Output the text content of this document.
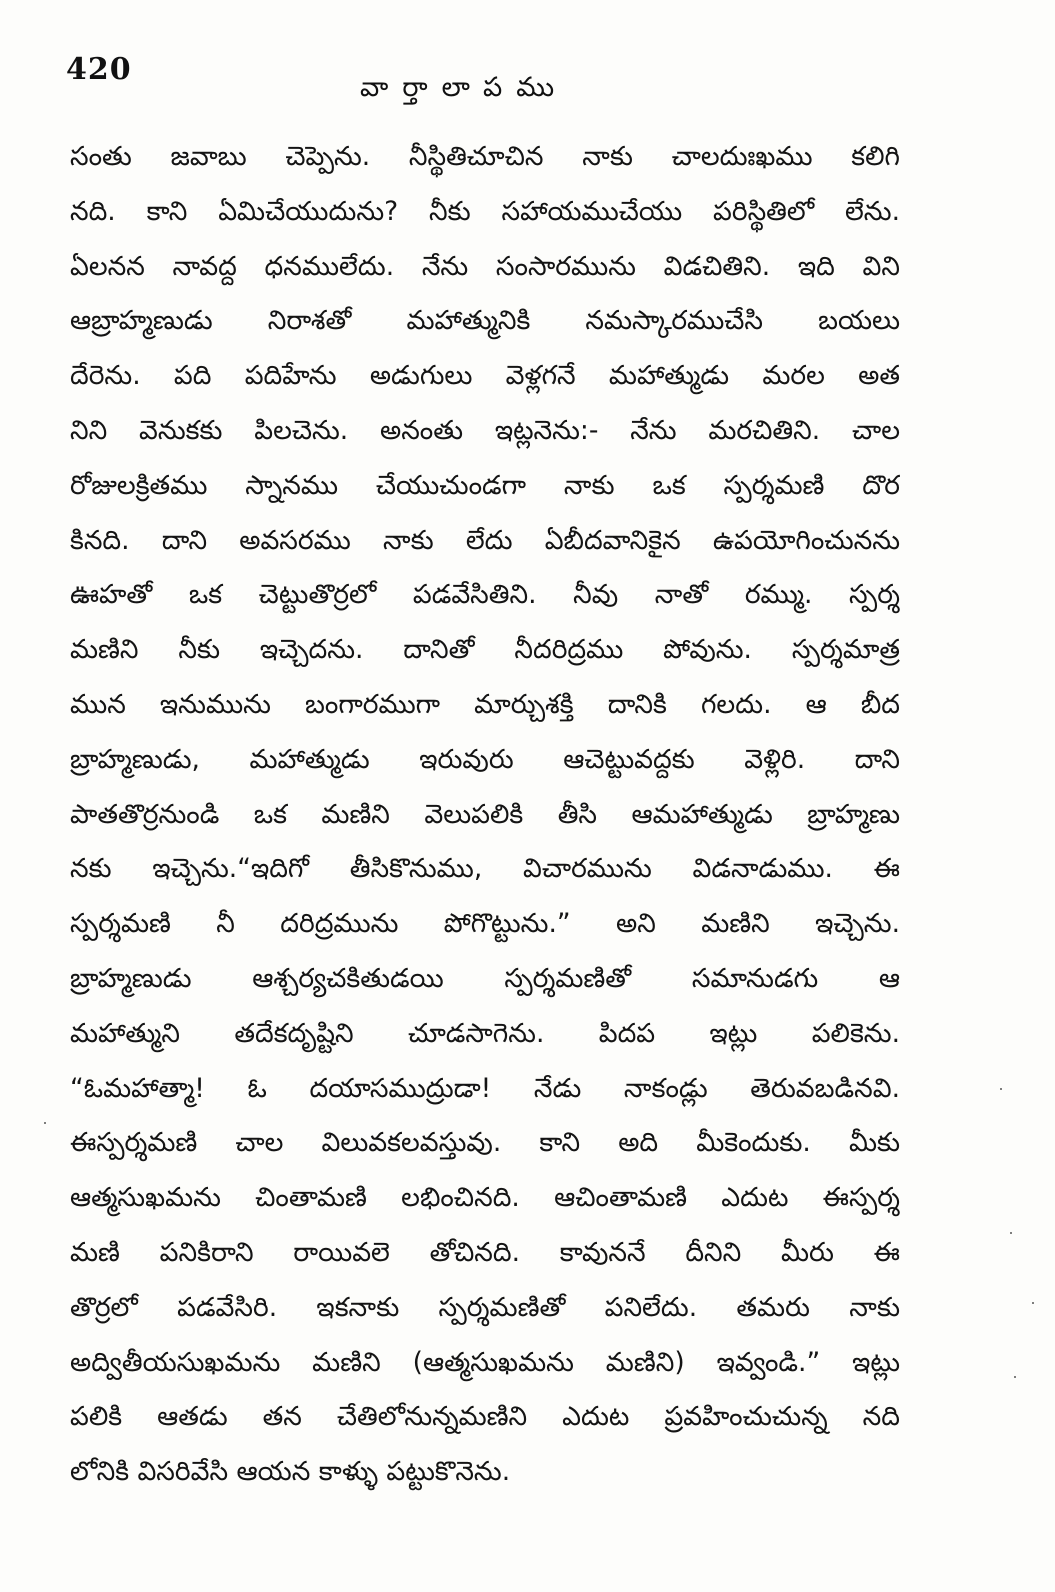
420
వార్తాలాపము
సంతు జవాబు చెప్పెను. నీస్థితిచూచిన నాకు చాలదుఃఖము కలిగి
నది. కాని ఏమిచేయుదును? నీకు సహాయముచేయు పరిస్థితిలో లేను.
ఏలనన నావద్ద ధనములేదు. నేను సంసారమును విడచితిని. ఇది విని
ఆబ్రాహ్మణుడు నిరాశతో మహాత్మునికి నమస్కారముచేసి బయలు
దేరెను. పది పదిహేను అడుగులు వెళ్లగనే మహాత్ముడు మరల అత
నిని వెనుకకు పిలచెను. అనంతు ఇట్లనెను:- నేను మరచితిని. చాల
రోజులక్రితము స్నానము చేయుచుండగా నాకు ఒక స్పర్శమణి దొర
కినది. దాని అవసరము నాకు లేదు ఏబీదవానికైన ఉపయోగించునను
ఊహతో ఒక చెట్టుతొర్రలో పడవేసితిని. నీవు నాతో రమ్ము. స్పర్శ
మణిని నీకు ఇచ్చెదను. దానితో నీదరిద్రము పోవును. స్పర్శమాత్ర
మున ఇనుమును బంగారముగా మార్చుశక్తి దానికి గలదు. ఆ బీద
బ్రాహ్మణుడు, మహాత్ముడు ఇరువురు ఆచెట్టువద్దకు వెళ్లిరి. దాని
పాతతొర్రనుండి ఒక మణిని వెలుపలికి తీసి ఆమహాత్ముడు బ్రాహ్మణు
నకు ఇచ్చెను.“ఇదిగో తీసికొనుము, విచారమును విడనాడుము. ఈ
స్పర్శమణి నీ దరిద్రమును పోగొట్టును.” అని మణిని ఇచ్చెను.
బ్రాహ్మణుడు ఆశ్చర్యచకితుడయి స్పర్శమణితో సమానుడగు ఆ
మహాత్ముని తదేకదృష్టిని చూడసాగెను. పిదప ఇట్లు పలికెను.
“ఓమహాత్మా! ఓ దయాసముద్రుడా! నేడు నాకండ్లు తెరువబడినవి.
ఈస్పర్శమణి చాల విలువకలవస్తువు. కాని అది మీకెందుకు. మీకు
ఆత్మసుఖమను చింతామణి లభించినది. ఆచింతామణి ఎదుట ఈస్పర్శ
మణి పనికిరాని రాయివలె తోచినది. కావుననే దీనిని మీరు ఈ
తొర్రలో పడవేసిరి. ఇకనాకు స్పర్శమణితో పనిలేదు. తమరు నాకు
అద్వితీయసుఖమను మణిని (ఆత్మసుఖమను మణిని) ఇవ్వండి.” ఇట్లు
పలికి ఆతడు తన చేతిలోనున్నమణిని ఎదుట ప్రవహించుచున్న నది
లోనికి విసరివేసి ఆయన కాళ్ళు పట్టుకొనెను.
